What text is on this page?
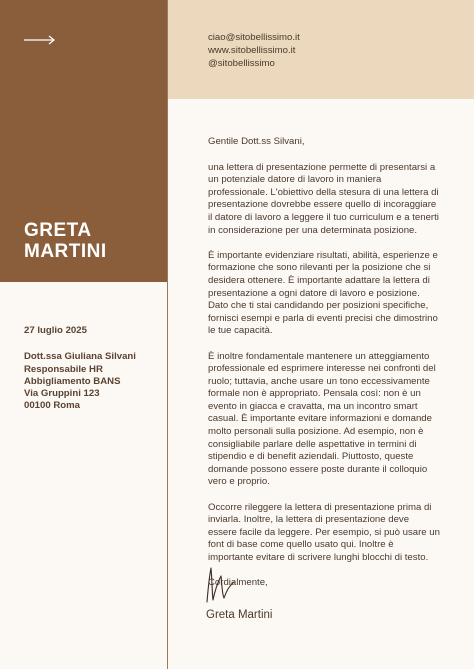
GRETA
MARTINI
ciao@sitobellissimo.it
www.sitobellissimo.it
@sitobellissimo
27 luglio 2025
Dott.ssa Giuliana Silvani
Responsabile HR
Abbigliamento BANS
Via Gruppini 123
00100 Roma

Gentile Dott.ss Silvani,

una lettera di presentazione permette di presentarsi a un potenziale datore di lavoro in maniera professionale. L'obiettivo della stesura di una lettera di presentazione dovrebbe essere quello di incoraggiare il datore di lavoro a leggere il tuo curriculum e a tenerti in considerazione per una determinata posizione.

È importante evidenziare risultati, abilità, esperienze e formazione che sono rilevanti per la posizione che si desidera ottenere. È importante adattare la lettera di presentazione a ogni datore di lavoro e posizione. Dato che ti stai candidando per posizioni specifiche, fornisci esempi e parla di eventi precisi che dimostrino le tue capacità.

È inoltre fondamentale mantenere un atteggiamento professionale ed esprimere interesse nei confronti del ruolo; tuttavia, anche usare un tono eccessivamente formale non è appropriato. Pensala così: non è un evento in giacca e cravatta, ma un incontro smart casual. È importante evitare informazioni e domande molto personali sulla posizione. Ad esempio, non è consigliabile parlare delle aspettative in termini di stipendio e di benefit aziendali. Piuttosto, queste domande possono essere poste durante il colloquio vero e proprio.

Occorre rileggere la lettera di presentazione prima di inviarla. Inoltre, la lettera di presentazione deve essere facile da leggere. Per esempio, si può usare un font di base come quello usato qui. Inoltre è importante evitare di scrivere lunghi blocchi di testo.

Cordialmente,

Greta Martini
